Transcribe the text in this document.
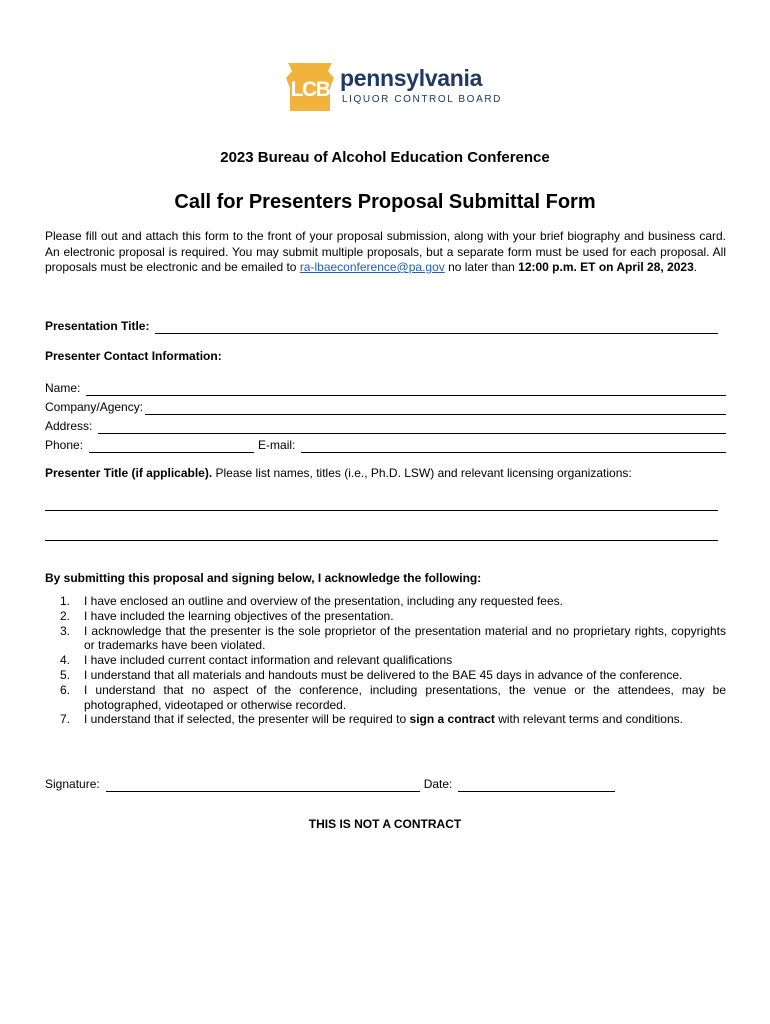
LCB pennsylvania
LIQUOR CONTROL BOARD
2023 Bureau of Alcohol Education Conference
Call for Presenters Proposal Submittal Form
Please fill out and attach this form to the front of your proposal submission, along with your brief biography and business card. An electronic proposal is required. You may submit multiple proposals, but a separate form must be used for each proposal. All proposals must be electronic and be emailed to ra-lbaeconference@pa.gov no later than 12:00 p.m. ET on April 28, 2023.
Presentation Title:
Presenter Contact Information:
Name:
Company/Agency:
Address:
Phone:	E-mail:
Presenter Title (if applicable). Please list names, titles (i.e., Ph.D. LSW) and relevant licensing organizations:
By submitting this proposal and signing below, I acknowledge the following:
1.	I have enclosed an outline and overview of the presentation, including any requested fees.
2.	I have included the learning objectives of the presentation.
3.	I acknowledge that the presenter is the sole proprietor of the presentation material and no proprietary rights, copyrights or trademarks have been violated.
4.	I have included current contact information and relevant qualifications
5.	I understand that all materials and handouts must be delivered to the BAE 45 days in advance of the conference.
6.	I understand that no aspect of the conference, including presentations, the venue or the attendees, may be photographed, videotaped or otherwise recorded.
7.	I understand that if selected, the presenter will be required to sign a contract with relevant terms and conditions.
Signature:	Date:
THIS IS NOT A CONTRACT
